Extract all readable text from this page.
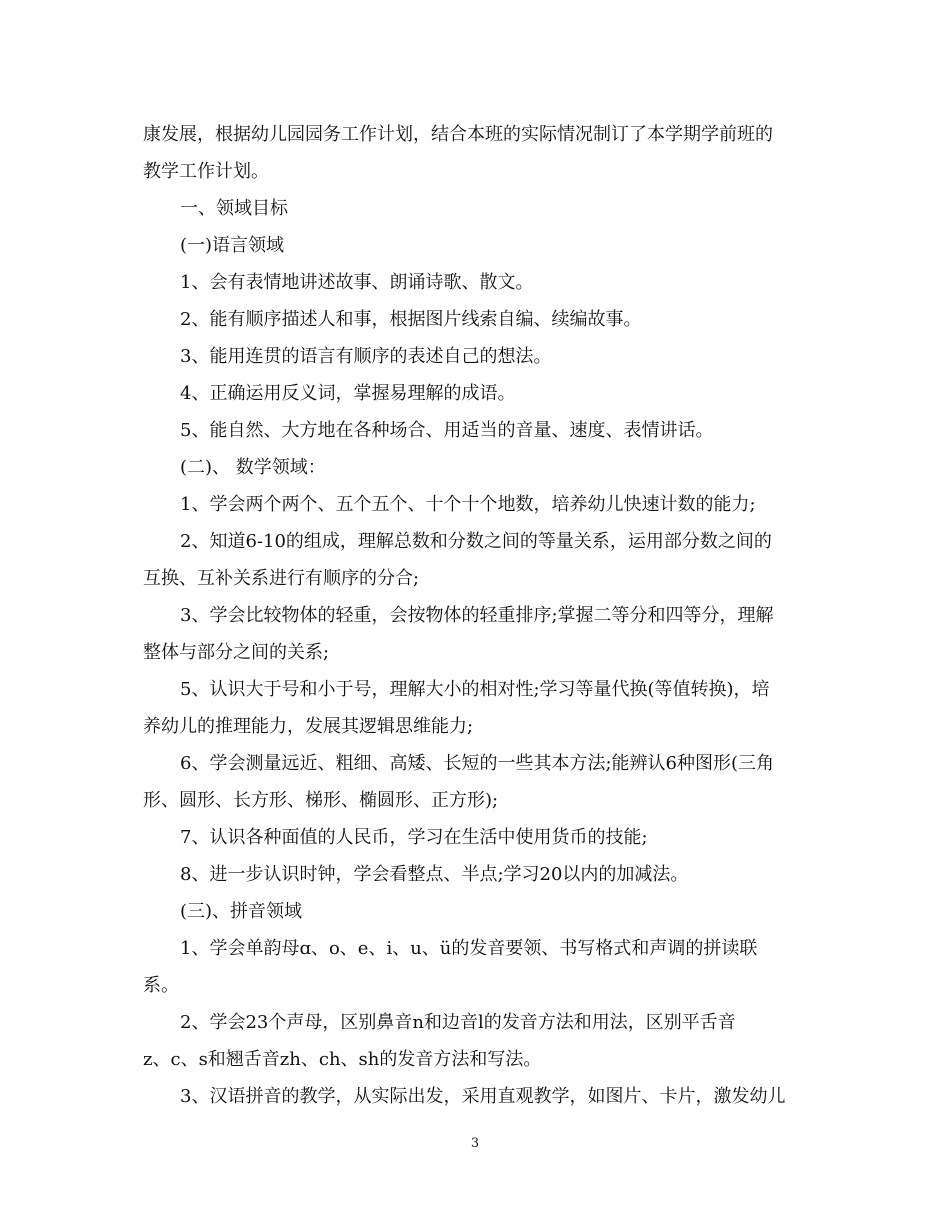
康发展，根据幼儿园园务工作计划，结合本班的实际情况制订了本学期学前班的

教学工作计划。

一、领域目标

(一)语言领域

1、会有表情地讲述故事、朗诵诗歌、散文。

2、能有顺序描述人和事，根据图片线索自编、续编故事。

3、能用连贯的语言有顺序的表述自己的想法。

4、正确运用反义词，掌握易理解的成语。

5、能自然、大方地在各种场合、用适当的音量、速度、表情讲话。

(二)、 数学领域：

1、学会两个两个、五个五个、十个十个地数，培养幼儿快速计数的能力;

2、知道6-10的组成，理解总数和分数之间的等量关系，运用部分数之间的

互换、互补关系进行有顺序的分合;

3、学会比较物体的轻重，会按物体的轻重排序;掌握二等分和四等分，理解

整体与部分之间的关系;

5、认识大于号和小于号，理解大小的相对性;学习等量代换(等值转换)，培

养幼儿的推理能力，发展其逻辑思维能力;

6、学会测量远近、粗细、高矮、长短的一些其本方法;能辨认6种图形(三角

形、圆形、长方形、梯形、椭圆形、正方形);

7、认识各种面值的人民币，学习在生活中使用货币的技能;

8、进一步认识时钟，学会看整点、半点;学习20以内的加减法。

(三)、拼音领域

1、学会单韵母ɑ、o、e、i、u、ü的发音要领、书写格式和声调的拼读联

系。

2、学会23个声母，区别鼻音n和边音l的发音方法和用法，区别平舌音

z、c、s和翘舌音zh、ch、sh的发音方法和写法。

3、汉语拼音的教学，从实际出发，采用直观教学，如图片、卡片，激发幼儿

3
